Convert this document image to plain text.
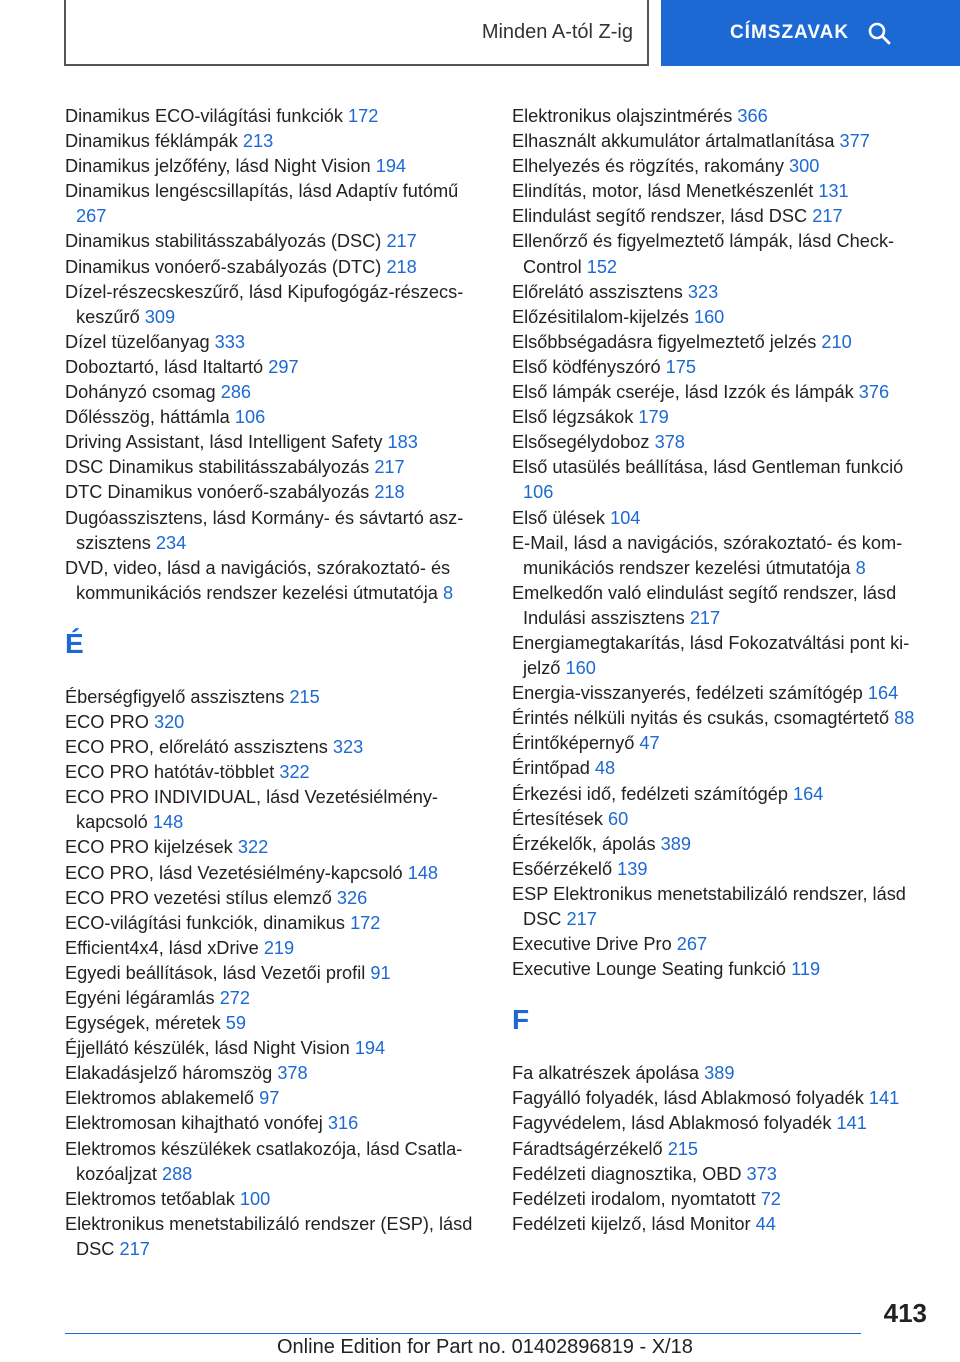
Minden A-tól Z-ig	CÍMSZAVAK
Dinamikus ECO-világítási funkciók 172
Dinamikus féklámpák 213
Dinamikus jelzőfény, lásd Night Vision 194
Dinamikus lengéscsillapítás, lásd Adaptív futómű 267
Dinamikus stabilitásszabályozás (DSC) 217
Dinamikus vonóerő-szabályozás (DTC) 218
Dízel-részecskeszűrő, lásd Kipufogógáz-részecskeszűrő 309
Dízel tüzelőanyag 333
Doboztartó, lásd Italtartó 297
Dohányzó csomag 286
Dőlésszög, háttámla 106
Driving Assistant, lásd Intelligent Safety 183
DSC Dinamikus stabilitásszabályozás 217
DTC Dinamikus vonóerő-szabályozás 218
Dugóasszisztens, lásd Kormány- és sávtartó aszszisztens 234
DVD, video, lásd a navigációs, szórakoztató- és kommunikációs rendszer kezelési útmutatója 8
É
Éberségfigyelő asszisztens 215
ECO PRO 320
ECO PRO, előrelátó asszisztens 323
ECO PRO hatótáv-többlet 322
ECO PRO INDIVIDUAL, lásd Vezetésiélmény-kapcsoló 148
ECO PRO kijelzések 322
ECO PRO, lásd Vezetésiélmény-kapcsoló 148
ECO PRO vezetési stílus elemző 326
ECO-világítási funkciók, dinamikus 172
Efficient4x4, lásd xDrive 219
Egyedi beállítások, lásd Vezetői profil 91
Egyéni légáramlás 272
Egységek, méretek 59
Éjjellátó készülék, lásd Night Vision 194
Elakadásjelző háromszög 378
Elektromos ablakemelő 97
Elektromosan kihajtható vonófej 316
Elektromos készülékek csatlakozója, lásd Csatlakozóaljzat 288
Elektromos tetőablak 100
Elektronikus menetstabilizáló rendszer (ESP), lásd DSC 217
Elektronikus olajszintmérés 366
Elhasznált akkumulátor ártalmatlanítása 377
Elhelyezés és rögzítés, rakomány 300
Elindítás, motor, lásd Menetkészenlét 131
Elindulást segítő rendszer, lásd DSC 217
Ellenőrző és figyelmeztető lámpák, lásd Check-Control 152
Előrelátó asszisztens 323
Előzésitilalom-kijelzés 160
Elsőbbségadásra figyelmeztető jelzés 210
Első ködfényszóró 175
Első lámpák cseréje, lásd Izzók és lámpák 376
Első légzsákok 179
Elsősegélydoboz 378
Első utasülés beállítása, lásd Gentleman funkció 106
Első ülések 104
E-Mail, lásd a navigációs, szórakoztató- és kommunikációs rendszer kezelési útmutatója 8
Emelkedőn való elindulást segítő rendszer, lásd Indulási asszisztens 217
Energiamegtakarítás, lásd Fokozatváltási pont kijelző 160
Energia-visszanyerés, fedélzeti számítógép 164
Érintés nélküli nyitás és csukás, csomagtértető 88
Érintőképernyő 47
Érintőpad 48
Érkezési idő, fedélzeti számítógép 164
Értesítések 60
Érzékelők, ápolás 389
Esőérzékelő 139
ESP Elektronikus menetstabilizáló rendszer, lásd DSC 217
Executive Drive Pro 267
Executive Lounge Seating funkció 119
F
Fa alkatrészek ápolása 389
Fagyálló folyadék, lásd Ablakmosó folyadék 141
Fagyvédelem, lásd Ablakmosó folyadék 141
Fáradtságérzékelő 215
Fedélzeti diagnosztika, OBD 373
Fedélzeti irodalom, nyomtatott 72
Fedélzeti kijelző, lásd Monitor 44
413
Online Edition for Part no. 01402896819 - X/18
